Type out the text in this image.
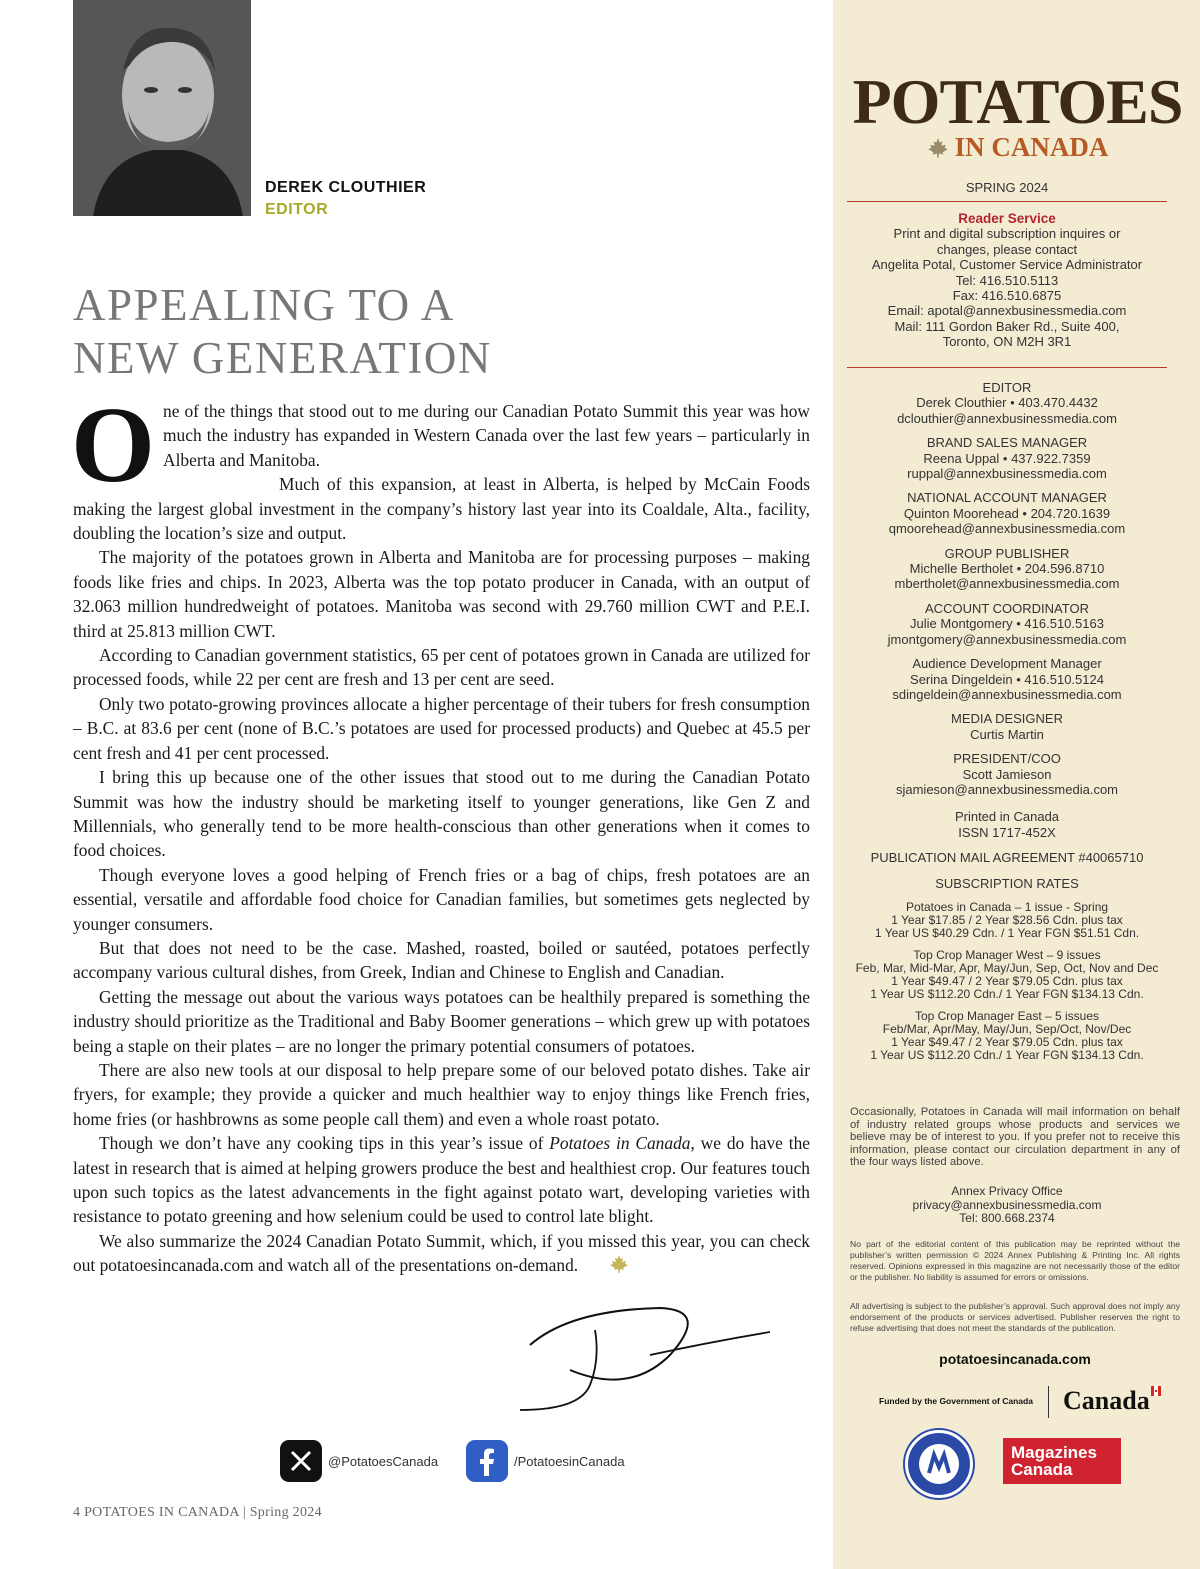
DEREK CLOUTHIER
EDITOR
APPEALING TO A
NEW GENERATION

One of the things that stood out to me during our Canadian Potato Summit this year was how much the industry has expanded in Western Canada over the last few years – particularly in Alberta and Manitoba.

Much of this expansion, at least in Alberta, is helped by McCain Foods making the largest global investment in the company’s history last year into its Coaldale, Alta., facility, doubling the location’s size and output.

The majority of the potatoes grown in Alberta and Manitoba are for processing purposes – making foods like fries and chips. In 2023, Alberta was the top potato producer in Canada, with an output of 32.063 million hundredweight of potatoes. Manitoba was second with 29.760 million CWT and P.E.I. third at 25.813 million CWT.

According to Canadian government statistics, 65 per cent of potatoes grown in Canada are utilized for processed foods, while 22 per cent are fresh and 13 per cent are seed.

Only two potato-growing provinces allocate a higher percentage of their tubers for fresh consumption – B.C. at 83.6 per cent (none of B.C.’s potatoes are used for processed products) and Quebec at 45.5 per cent fresh and 41 per cent processed.

I bring this up because one of the other issues that stood out to me during the Canadian Potato Summit was how the industry should be marketing itself to younger generations, like Gen Z and Millennials, who generally tend to be more health-conscious than other generations when it comes to food choices.

Though everyone loves a good helping of French fries or a bag of chips, fresh potatoes are an essential, versatile and affordable food choice for Canadian families, but sometimes gets neglected by younger consumers.

But that does not need to be the case. Mashed, roasted, boiled or sautéed, potatoes perfectly accompany various cultural dishes, from Greek, Indian and Chinese to English and Canadian.

Getting the message out about the various ways potatoes can be healthily prepared is something the industry should prioritize as the Traditional and Baby Boomer generations – which grew up with potatoes being a staple on their plates – are no longer the primary potential consumers of potatoes.

There are also new tools at our disposal to help prepare some of our beloved potato dishes. Take air fryers, for example; they provide a quicker and much healthier way to enjoy things like French fries, home fries (or hashbrowns as some people call them) and even a whole roast potato.

Though we don’t have any cooking tips in this year’s issue of Potatoes in Canada, we do have the latest in research that is aimed at helping growers produce the best and healthiest crop. Our features touch upon such topics as the latest advancements in the fight against potato wart, developing varieties with resistance to potato greening and how selenium could be used to control late blight.

We also summarize the 2024 Canadian Potato Summit, which, if you missed this year, you can check out potatoesincanada.com and watch all of the presentations on-demand.

@PotatoesCanada	/PotatoesinCanada
4 POTATOES IN CANADA | Spring 2024
POTATOES
IN CANADA
SPRING 2024
Reader Service
Print and digital subscription inquires or
changes, please contact
Angelita Potal, Customer Service Administrator
Tel: 416.510.5113
Fax: 416.510.6875
Email: apotal@annexbusinessmedia.com
Mail: 111 Gordon Baker Rd., Suite 400,
Toronto, ON M2H 3R1
EDITOR
Derek Clouthier • 403.470.4432
dclouthier@annexbusinessmedia.com
BRAND SALES MANAGER
Reena Uppal • 437.922.7359
ruppal@annexbusinessmedia.com
NATIONAL ACCOUNT MANAGER
Quinton Moorehead • 204.720.1639
qmoorehead@annexbusinessmedia.com
GROUP PUBLISHER
Michelle Bertholet • 204.596.8710
mbertholet@annexbusinessmedia.com
ACCOUNT COORDINATOR
Julie Montgomery • 416.510.5163
jmontgomery@annexbusinessmedia.com
Audience Development Manager
Serina Dingeldein • 416.510.5124
sdingeldein@annexbusinessmedia.com
MEDIA DESIGNER
Curtis Martin
PRESIDENT/COO
Scott Jamieson
sjamieson@annexbusinessmedia.com
Printed in Canada
ISSN 1717-452X
PUBLICATION MAIL AGREEMENT #40065710
SUBSCRIPTION RATES
Potatoes in Canada – 1 issue - Spring
1 Year $17.85 / 2 Year $28.56 Cdn. plus tax
1 Year US $40.29 Cdn. / 1 Year FGN $51.51 Cdn.
Top Crop Manager West – 9 issues
Feb, Mar, Mid-Mar, Apr, May/Jun, Sep, Oct, Nov and Dec
1 Year $49.47 / 2 Year $79.05 Cdn. plus tax
1 Year US $112.20 Cdn./ 1 Year FGN $134.13 Cdn.
Top Crop Manager East – 5 issues
Feb/Mar, Apr/May, May/Jun, Sep/Oct, Nov/Dec
1 Year $49.47 / 2 Year $79.05 Cdn. plus tax
1 Year US $112.20 Cdn./ 1 Year FGN $134.13 Cdn.
Occasionally, Potatoes in Canada will mail information on behalf of industry related groups whose products and services we believe may be of interest to you. If you prefer not to receive this information, please contact our circulation department in any of the four ways listed above.
Annex Privacy Office
privacy@annexbusinessmedia.com
Tel: 800.668.2374
No part of the editorial content of this publication may be reprinted without the publisher’s written permission © 2024 Annex Publishing & Printing Inc. All rights reserved. Opinions expressed in this magazine are not necessarily those of the editor or the publisher. No liability is assumed for errors or omissions.
All advertising is subject to the publisher’s approval. Such approval does not imply any endorsement of the products or services advertised. Publisher reserves the right to refuse advertising that does not meet the standards of the publication.
potatoesincanada.com
Funded by the Government of Canada Canada
Magazines
Canada
